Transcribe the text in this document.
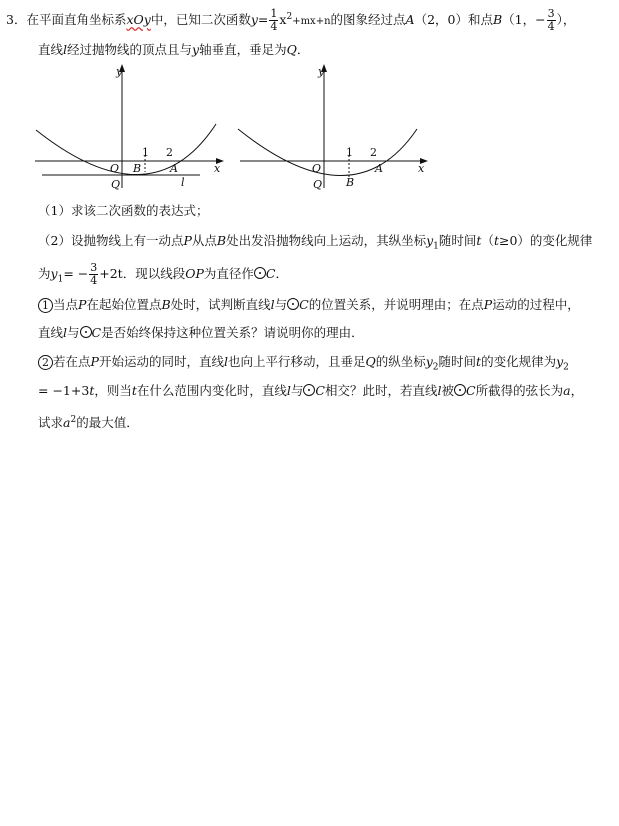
3．在平面直角坐标系xOy中，已知二次函数$y= \frac{1}{4} x^2+mx+n$的图象经过点A（2，0）和点B（1，− $\frac{3}{4}$ ），
直线l经过抛物线的顶点且与y轴垂直，垂足为Q．
y
x
O B	A
Q	l
1 2
y
x
O
B
A
Q
1 2
（1）求该二次函数的表达式；
（2）设抛物线上有一动点P从点B处出发沿抛物线向上运动，其纵坐标$y_1$随时间t（t≥0）的变化规律
为$y_1= - \frac{3}{4} +2t$．现以线段OP为直径作 C．
1 当点P在起始位置点B处时，试判断直线l与 C的位置关系，并说明理由；在点P运动的过程中，
直线l与 C是否始终保持这种位置关系？请说明你的理由．
2 若在点P开始运动的同时，直线l也向上平行移动，且垂足Q的纵坐标$y_2$随时间t的变化规律为$y_2$
= −1+3t，则当t在什么范围内变化时，直线l与 C相交？此时，若直线l被 C所截得的弦长为a，
试求$a^2$的最大值．
